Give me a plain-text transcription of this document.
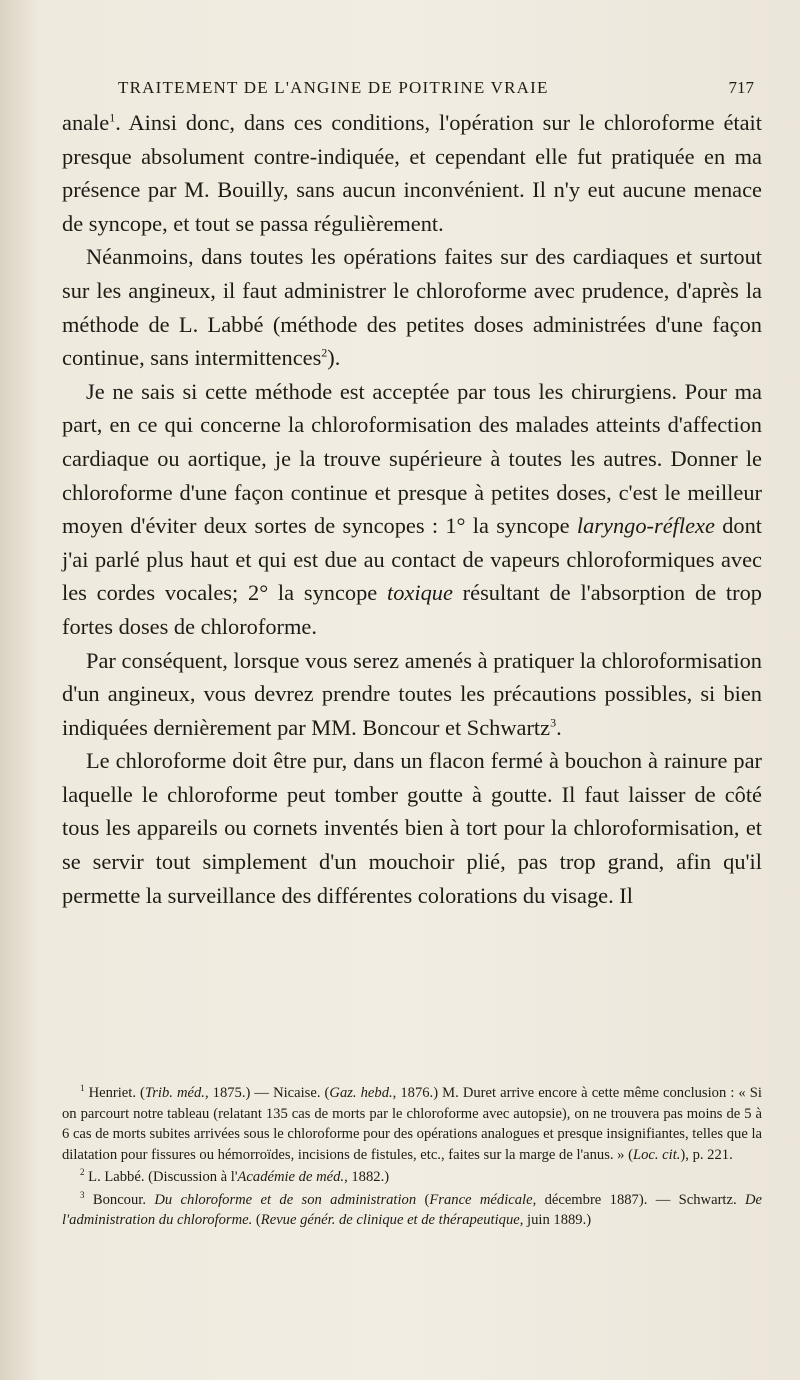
TRAITEMENT DE L'ANGINE DE POITRINE VRAIE	717

anale$^1$. Ainsi donc, dans ces conditions, l'opération sur le chloroforme était presque absolument contre-indiquée, et cependant elle fut pratiquée en ma présence par M. Bouilly, sans aucun inconvénient. Il n'y eut aucune menace de syncope, et tout se passa régulièrement.

Néanmoins, dans toutes les opérations faites sur des cardiaques et surtout sur les angineux, il faut administrer le chloroforme avec prudence, d'après la méthode de L. Labbé (méthode des petites doses administrées d'une façon continue, sans intermittences$^2$).

Je ne sais si cette méthode est acceptée par tous les chirurgiens. Pour ma part, en ce qui concerne la chloroformisation des malades atteints d'affection cardiaque ou aortique, je la trouve supérieure à toutes les autres. Donner le chloroforme d'une façon continue et presque à petites doses, c'est le meilleur moyen d'éviter deux sortes de syncopes : 1° la syncope laryngo-réflexe dont j'ai parlé plus haut et qui est due au contact de vapeurs chloroformiques avec les cordes vocales; 2° la syncope toxique résultant de l'absorption de trop fortes doses de chloroforme.

Par conséquent, lorsque vous serez amenés à pratiquer la chloroformisation d'un angineux, vous devrez prendre toutes les précautions possibles, si bien indiquées dernièrement par MM. Boncour et Schwartz$^3$.

Le chloroforme doit être pur, dans un flacon fermé à bouchon à rainure par laquelle le chloroforme peut tomber goutte à goutte. Il faut laisser de côté tous les appareils ou cornets inventés bien à tort pour la chloroformisation, et se servir tout simplement d'un mouchoir plié, pas trop grand, afin qu'il permette la surveillance des différentes colorations du visage. Il

$^1$ Henriet. (Trib. méd., 1875.) — Nicaise. (Gaz. hebd., 1876.) M. Duret arrive encore à cette même conclusion : « Si on parcourt notre tableau (relatant 135 cas de morts par le chloroforme avec autopsie), on ne trouvera pas moins de 5 à 6 cas de morts subites arrivées sous le chloroforme pour des opérations analogues et presque insignifiantes, telles que la dilatation pour fissures ou hémorroïdes, incisions de fistules, etc., faites sur la marge de l'anus. » (Loc. cit.), p. 221.

$^2$ L. Labbé. (Discussion à l'Académie de méd., 1882.)

$^3$ Boncour. Du chloroforme et de son administration (France médicale, décembre 1887). — Schwartz. De l'administration du chloroforme. (Revue génér. de clinique et de thérapeutique, juin 1889.)
